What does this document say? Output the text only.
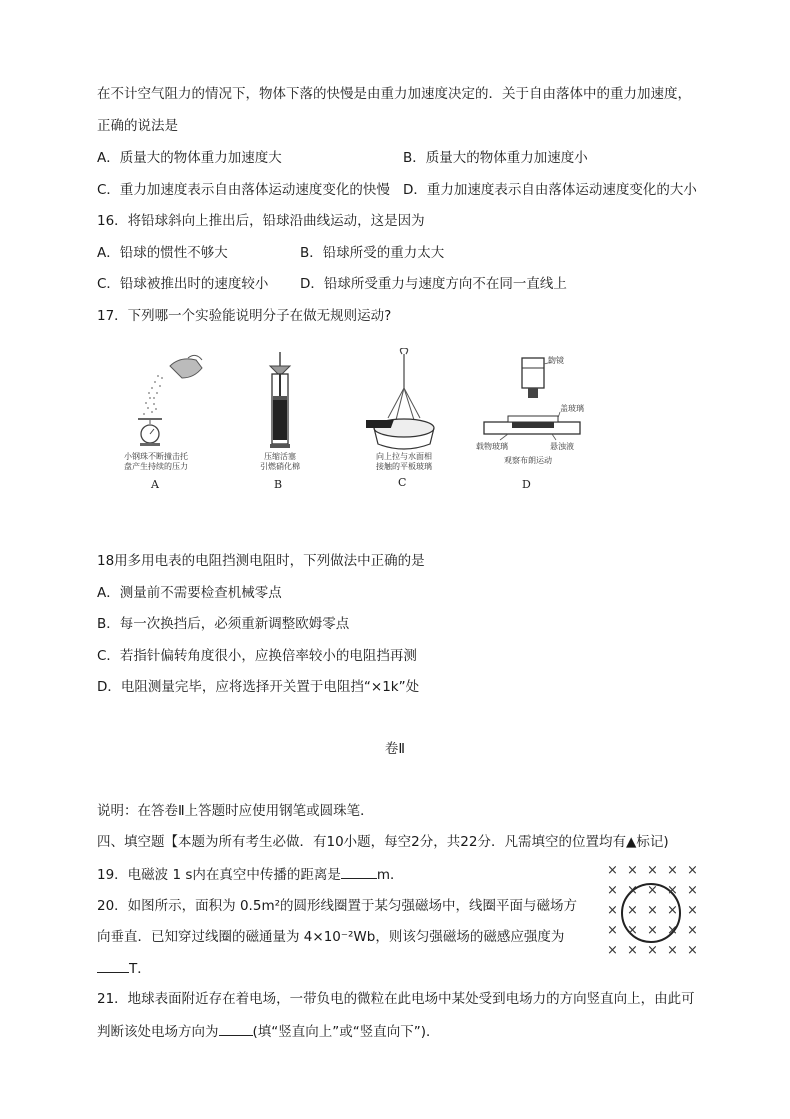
在不计空气阻力的情况下，物体下落的快慢是由重力加速度决定的．关于自由落体中的重力加速度，
正确的说法是
A．质量大的物体重力加速度大	B．质量大的物体重力加速度小
C．重力加速度表示自由落体运动速度变化的快慢 D．重力加速度表示自由落体运动速度变化的大小
16．将铅球斜向上推出后，铅球沿曲线运动，这是因为
A．铅球的惯性不够大	B．铅球所受的重力太大
C．铅球被推出时的速度较小 D．铅球所受重力与速度方向不在同一直线上
17．下列哪一个实验能说明分子在做无规则运动?
小钢珠不断撞击托
盘产生持续的压力
A
压缩活塞
引燃硝化棉
B
向上拉与水面相
接触的平板玻璃
C
物镜
盖玻璃
载物玻璃	悬浊液
观察布朗运动
D
18用多用电表的电阻挡测电阻时，下列做法中正确的是
A．测量前不需要检查机械零点
B．每一次换挡后，必须重新调整欧姆零点
C．若指针偏转角度很小，应换倍率较小的电阻挡再测
D．电阻测量完毕，应将选择开关置于电阻挡“×1k”处
卷Ⅱ
说明：在答卷Ⅱ上答题时应使用钢笔或圆珠笔．
四、填空题【本题为所有考生必做．有10小题，每空2分，共22分．凡需填空的位置均有▲标记)
19．电磁波 1 s内在真空中传播的距离是	m．
20．如图所示，面积为 0.5m²的圆形线圈置于某匀强磁场中，线圈平面与磁场方
向垂直．已知穿过线圈的磁通量为 4×10⁻²Wb，则该匀强磁场的磁感应强度为
T．
× × × × ×
× × × × ×
× × × × ×
× × × × ×
× × × × ×
21．地球表面附近存在着电场，一带负电的微粒在此电场中某处受到电场力的方向竖直向上，由此可
判断该处电场方向为	(填“竖直向上”或“竖直向下”)．
